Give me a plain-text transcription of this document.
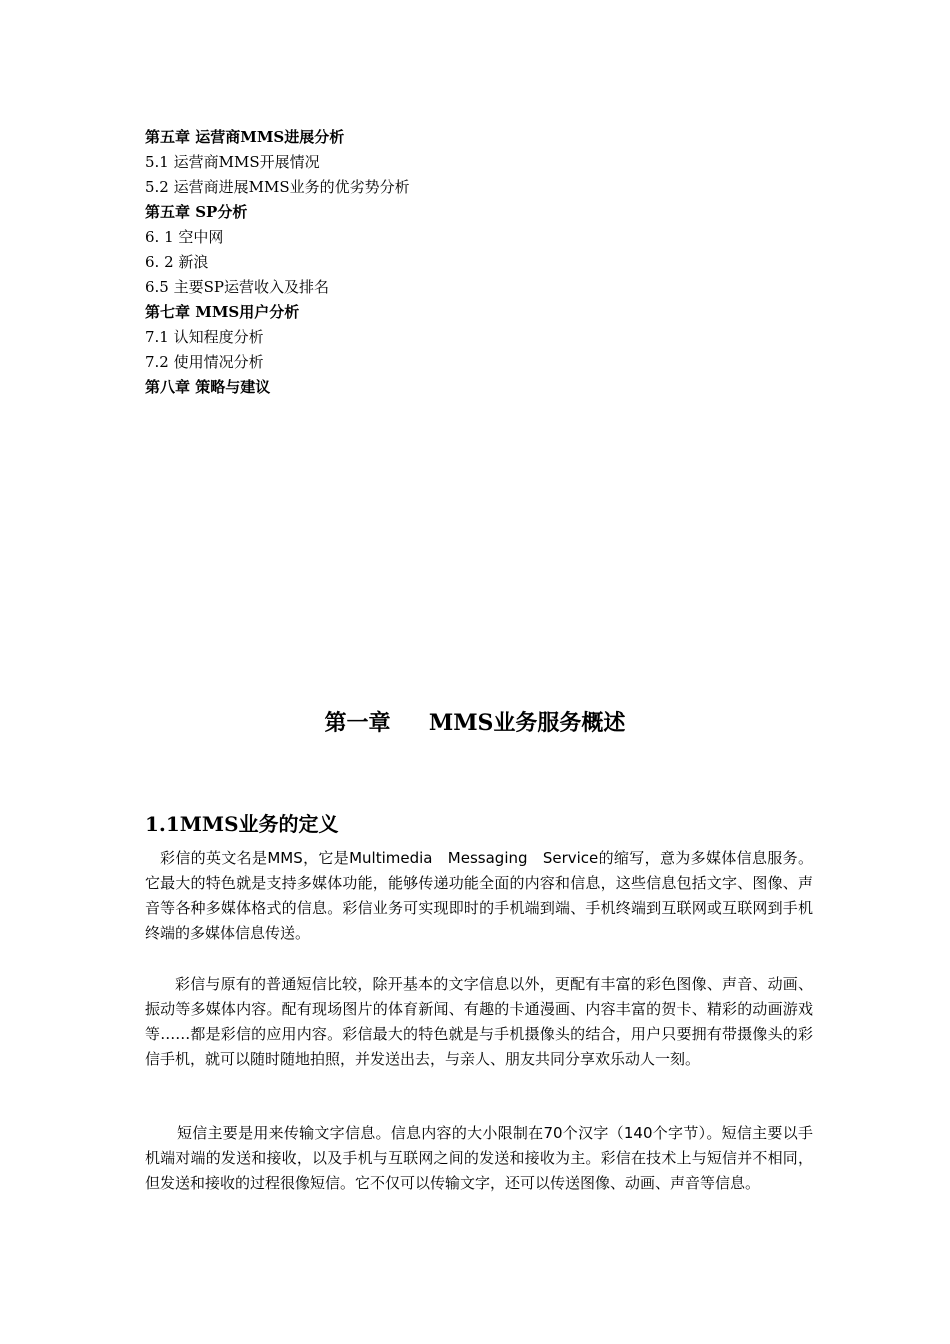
第五章 运营商MMS进展分析
5.1 运营商MMS开展情况
5.2 运营商进展MMS业务的优劣势分析
第五章 SP分析
6. 1 空中网
6. 2 新浪
6.5 主要SP运营收入及排名
第七章 MMS用户分析
7.1 认知程度分析
7.2 使用情况分析
第八章 策略与建议
第一章     MMS业务服务概述
1.1MMS业务的定义
彩信的英文名是MMS，它是Multimedia   Messaging   Service的缩写，意为多媒体信息服务。它最大的特色就是支持多媒体功能，能够传递功能全面的内容和信息，这些信息包括文字、图像、声音等各种多媒体格式的信息。彩信业务可实现即时的手机端到端、手机终端到互联网或互联网到手机终端的多媒体信息传送。
彩信与原有的普通短信比较，除开基本的文字信息以外，更配有丰富的彩色图像、声音、动画、振动等多媒体内容。配有现场图片的体育新闻、有趣的卡通漫画、内容丰富的贺卡、精彩的动画游戏等……都是彩信的应用内容。彩信最大的特色就是与手机摄像头的结合，用户只要拥有带摄像头的彩信手机，就可以随时随地拍照，并发送出去，与亲人、朋友共同分享欢乐动人一刻。
短信主要是用来传输文字信息。信息内容的大小限制在70个汉字（140个字节）。短信主要以手机端对端的发送和接收，以及手机与互联网之间的发送和接收为主。彩信在技术上与短信并不相同，但发送和接收的过程很像短信。它不仅可以传输文字，还可以传送图像、动画、声音等信息。
